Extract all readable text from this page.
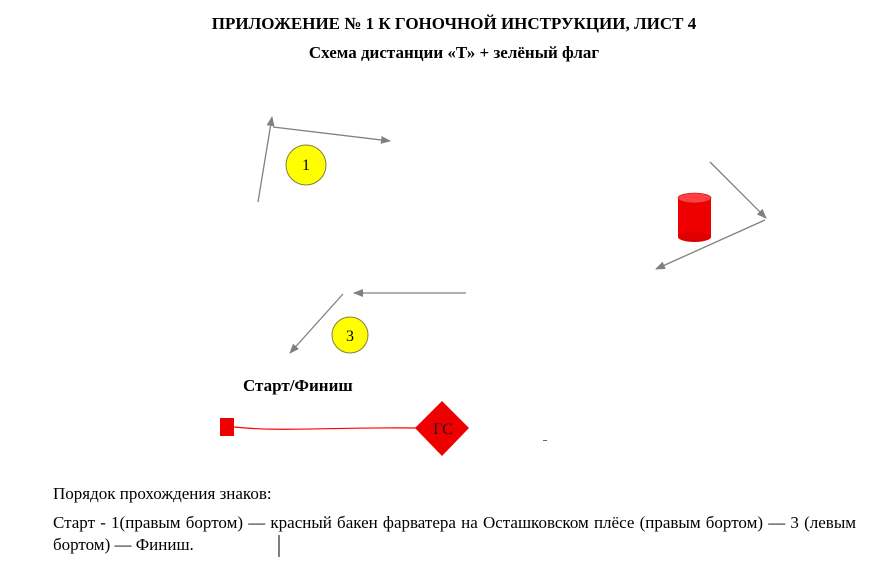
ПРИЛОЖЕНИЕ № 1 К ГОНОЧНОЙ ИНСТРУКЦИИ, ЛИСТ 4
Схема дистанции «Т» + зелёный флаг
1
3
ГС
Старт/Финиш
Порядок прохождения знаков:
Старт - 1(правым бортом) — красный бакен фарватера на Осташковском плёсе (правым бортом) — 3 (левым бортом) — Финиш.
